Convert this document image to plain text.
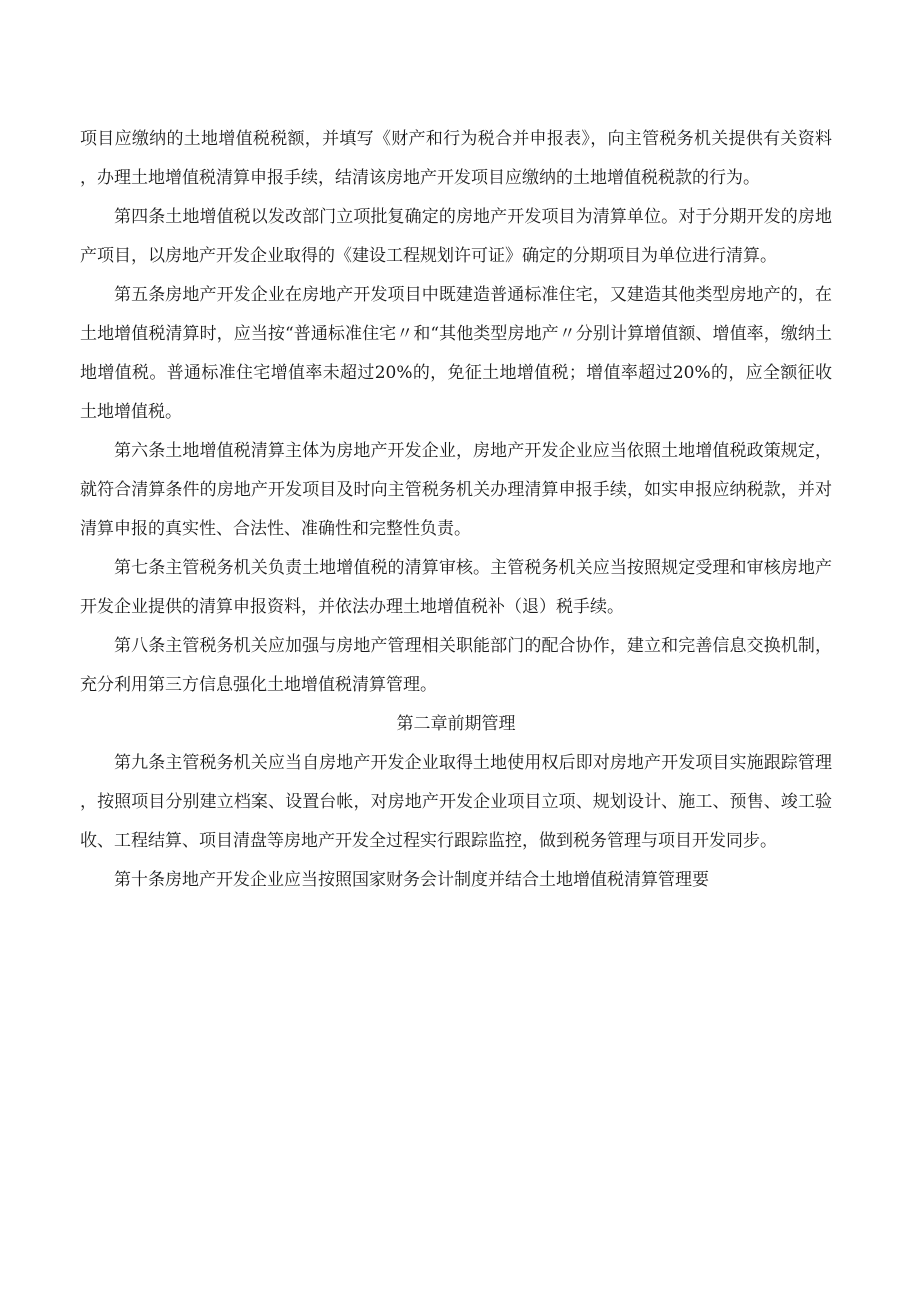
项目应缴纳的土地增值税税额，并填写《财产和行为税合并申报表》，向主管税务机关提供有关资料，办理土地增值税清算申报手续，结清该房地产开发项目应缴纳的土地增值税税款的行为。

第四条土地增值税以发改部门立项批复确定的房地产开发项目为清算单位。对于分期开发的房地产项目，以房地产开发企业取得的《建设工程规划许可证》确定的分期项目为单位进行清算。

第五条房地产开发企业在房地产开发项目中既建造普通标准住宅，又建造其他类型房地产的，在土地增值税清算时，应当按“普通标准住宅〃和“其他类型房地产〃分别计算增值额、增值率，缴纳土地增值税。普通标准住宅增值率未超过20%的，免征土地增值税；增值率超过20%的，应全额征收土地增值税。

第六条土地增值税清算主体为房地产开发企业，房地产开发企业应当依照土地增值税政策规定，就符合清算条件的房地产开发项目及时向主管税务机关办理清算申报手续，如实申报应纳税款，并对清算申报的真实性、合法性、准确性和完整性负责。

第七条主管税务机关负责土地增值税的清算审核。主管税务机关应当按照规定受理和审核房地产开发企业提供的清算申报资料，并依法办理土地增值税补（退）税手续。

第八条主管税务机关应加强与房地产管理相关职能部门的配合协作，建立和完善信息交换机制，充分利用第三方信息强化土地增值税清算管理。

第二章前期管理

第九条主管税务机关应当自房地产开发企业取得土地使用权后即对房地产开发项目实施跟踪管理，按照项目分别建立档案、设置台帐，对房地产开发企业项目立项、规划设计、施工、预售、竣工验收、工程结算、项目清盘等房地产开发全过程实行跟踪监控，做到税务管理与项目开发同步。

第十条房地产开发企业应当按照国家财务会计制度并结合土地增值税清算管理要
